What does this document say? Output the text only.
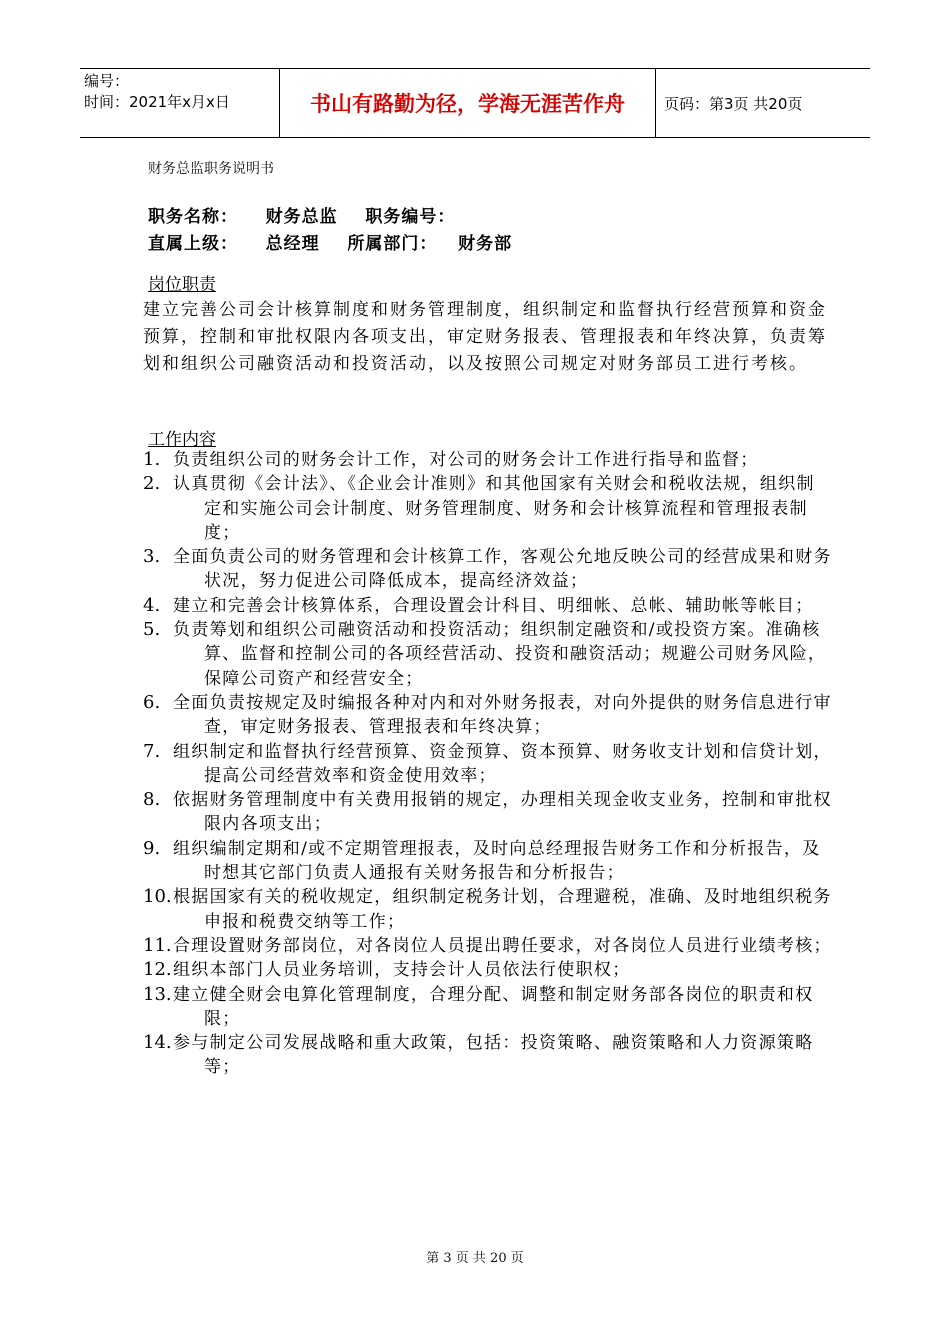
编号：
时间：2021年x月x日	书山有路勤为径，学海无涯苦作舟	页码：第3页 共20页
财务总监职务说明书
职务名称：    财务总监    职务编号：
直属上级：    总经理    所属部门：   财务部
岗位职责

建立完善公司会计核算制度和财务管理制度，组织制定和监督执行经营预算和资金预算，控制和审批权限内各项支出，审定财务报表、管理报表和年终决算，负责筹划和组织公司融资活动和投资活动，以及按照公司规定对财务部员工进行考核。

工作内容
1. 负责组织公司的财务会计工作，对公司的财务会计工作进行指导和监督；
2. 认真贯彻《会计法》、《企业会计准则》和其他国家有关财会和税收法规，组织制定和实施公司会计制度、财务管理制度、财务和会计核算流程和管理报表制度；
3. 全面负责公司的财务管理和会计核算工作，客观公允地反映公司的经营成果和财务状况，努力促进公司降低成本，提高经济效益；
4. 建立和完善会计核算体系，合理设置会计科目、明细帐、总帐、辅助帐等帐目；
5. 负责筹划和组织公司融资活动和投资活动；组织制定融资和/或投资方案。准确核算、监督和控制公司的各项经营活动、投资和融资活动；规避公司财务风险，保障公司资产和经营安全；
6. 全面负责按规定及时编报各种对内和对外财务报表，对向外提供的财务信息进行审查，审定财务报表、管理报表和年终决算；
7. 组织制定和监督执行经营预算、资金预算、资本预算、财务收支计划和信贷计划，提高公司经营效率和资金使用效率；
8. 依据财务管理制度中有关费用报销的规定，办理相关现金收支业务，控制和审批权限内各项支出；
9. 组织编制定期和/或不定期管理报表，及时向总经理报告财务工作和分析报告，及时想其它部门负责人通报有关财务报告和分析报告；
10.根据国家有关的税收规定，组织制定税务计划，合理避税，准确、及时地组织税务申报和税费交纳等工作；
11.合理设置财务部岗位，对各岗位人员提出聘任要求，对各岗位人员进行业绩考核；
12.组织本部门人员业务培训，支持会计人员依法行使职权；
13.建立健全财会电算化管理制度，合理分配、调整和制定财务部各岗位的职责和权限；
14.参与制定公司发展战略和重大政策，包括：投资策略、融资策略和人力资源策略等；
第 3 页 共 20 页
